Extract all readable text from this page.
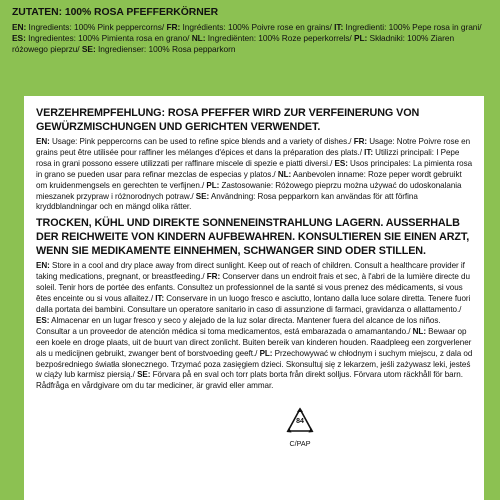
ZUTATEN: 100% ROSA PFEFFERKÖRNER

EN: Ingredients: 100% Pink peppercorns/ FR: Ingrédients: 100% Poivre rose en grains/ IT: Ingredienti: 100% Pepe rosa in grani/ ES: Ingredientes: 100% Pimienta rosa en grano/ NL: Ingrediënten: 100% Roze peperkorrels/ PL: Składniki: 100% Ziaren różowego pieprzu/ SE: Ingredienser: 100% Rosa pepparkorn

VERZEHREMPFEHLUNG: ROSA PFEFFER WIRD ZUR VERFEINERUNG VON GEWÜRZMISCHUNGEN UND GERICHTEN VERWENDET.

EN: Usage: Pink peppercorns can be used to refine spice blends and a variety of dishes./ FR: Usage: Notre Poivre rose en grains peut être utilisée pour raffiner les mélanges d'épices et dans la préparation des plats./ IT: Utilizzi principali: I Pepe rosa in grani possono essere utilizzati per raffinare miscele di spezie e piatti diversi./ ES: Usos principales: La pimienta rosa in grano se pueden usar para refinar mezclas de especias y platos./ NL: Aanbevolen inname: Roze peper wordt gebruikt om kruidenmengsels en gerechten te verfijnen./ PL: Zastosowanie: Różowego pieprzu można używać do udoskonalania mieszanek przypraw i różnorodnych potraw./ SE: Användning: Rosa pepparkorn kan användas för att förfina kryddblandningar och en mängd olika rätter.

TROCKEN, KÜHL UND DIREKTE SONNENEINSTRAHLUNG LAGERN. AUSSERHALB DER REICHWEITE VON KINDERN AUFBEWAHREN. KONSULTIEREN SIE EINEN ARZT, WENN SIE MEDIKAMENTE EINNEHMEN, SCHWANGER SIND ODER STILLEN.

EN: Store in a cool and dry place away from direct sunlight. Keep out of reach of children. Consult a healthcare provider if taking medications, pregnant, or breastfeeding./ FR: Conserver dans un endroit frais et sec, à l'abri de la lumière directe du soleil. Tenir hors de portée des enfants. Consultez un professionnel de la santé si vous prenez des médicaments, si vous êtes enceinte ou si vous allaitez./ IT: Conservare in un luogo fresco e asciutto, lontano dalla luce solare diretta. Tenere fuori dalla portata dei bambini. Consultare un operatore sanitario in caso di assunzione di farmaci, gravidanza o allattamento./ ES: Almacenar en un lugar fresco y seco y alejado de la luz solar directa. Mantener fuera del alcance de los niños. Consultar a un proveedor de atención médica si toma medicamentos, está embarazada o amamantando./ NL: Bewaar op een koele en droge plaats, uit de buurt van direct zonlicht. Buiten bereik van kinderen houden. Raadpleeg een zorgverlener als u medicijnen gebruikt, zwanger bent of borstvoeding geeft./ PL: Przechowywać w chłodnym i suchym miejscu, z dala od bezpośredniego światła słonecznego. Trzymać poza zasięgiem dzieci. Skonsultuj się z lekarzem, jeśli zażywasz leki, jesteś w ciąży lub karmisz piersią./ SE: Förvara på en sval och torr plats borta från direkt solljus. Förvara utom räckhåll för barn. Rådfråga en vårdgivare om du tar mediciner, är gravid eller ammar.

84
C/PAP
